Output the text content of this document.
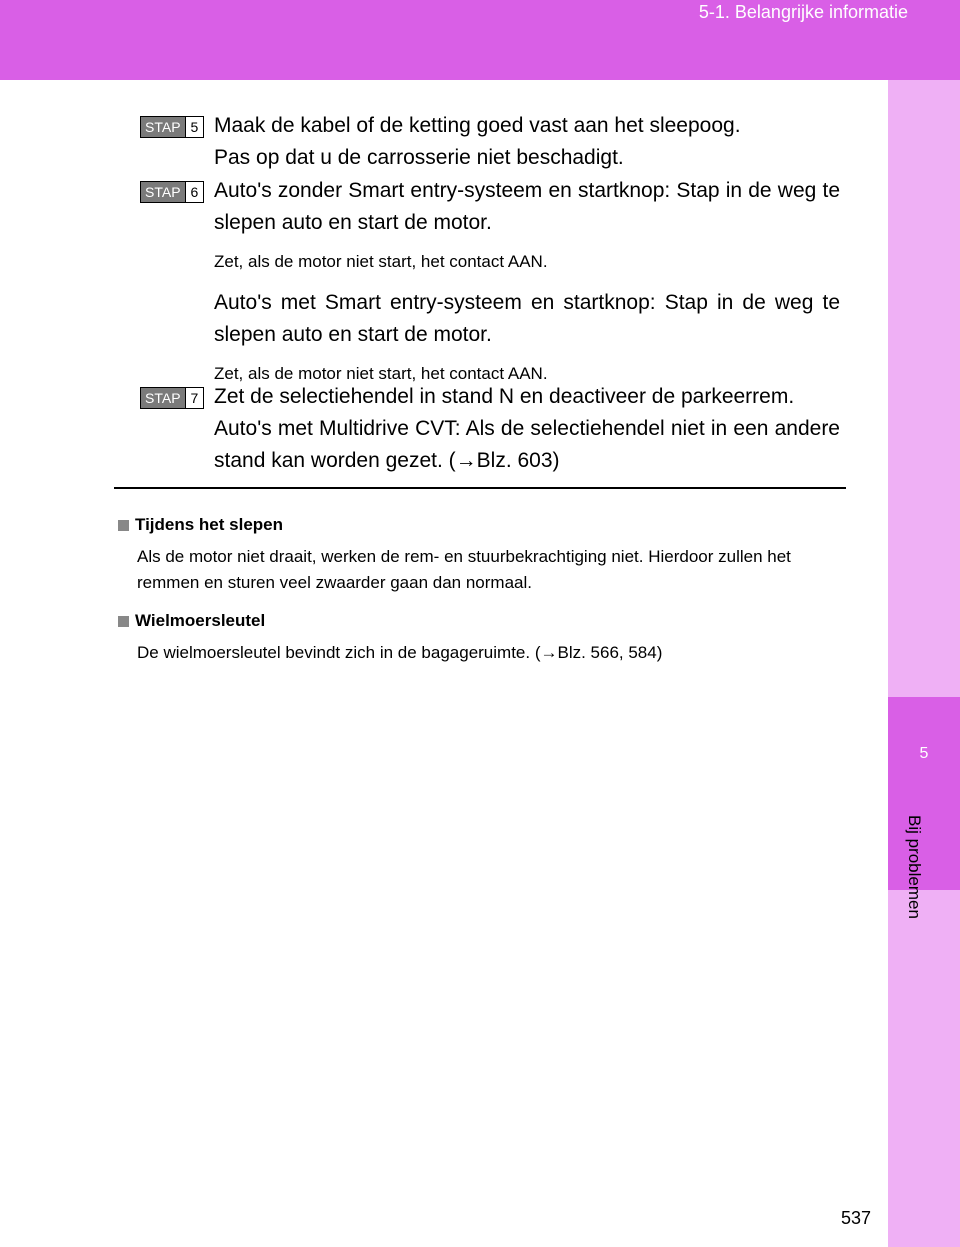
5-1. Belangrijke informatie
5
Bij problemen
STAP 5 Maak de kabel of de ketting goed vast aan het sleepoog.

Pas op dat u de carrosserie niet beschadigt.

STAP 6 Auto's zonder Smart entry-systeem en startknop: Stap in de weg te slepen auto en start de motor.

Zet, als de motor niet start, het contact AAN.

Auto's met Smart entry-systeem en startknop: Stap in de weg te slepen auto en start de motor.

Zet, als de motor niet start, het contact AAN.

STAP 7 Zet de selectiehendel in stand N en deactiveer de parkeerrem.

Auto's met Multidrive CVT: Als de selectiehendel niet in een andere stand kan worden gezet. (→Blz. 603)

Tijdens het slepen

Als de motor niet draait, werken de rem- en stuurbekrachtiging niet. Hierdoor zullen het remmen en sturen veel zwaarder gaan dan normaal.

Wielmoersleutel

De wielmoersleutel bevindt zich in de bagageruimte. (→Blz. 566, 584)

537
